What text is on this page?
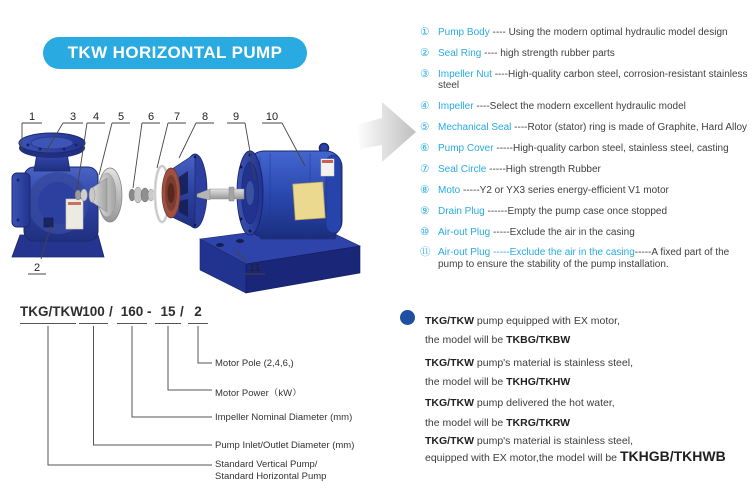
TKW HORIZONTAL PUMP
1	3 4 5 6 7 8 9 10
2	11
① Pump Body ---- Using the modern optimal hydraulic model design
② Seal Ring ---- high strength rubber parts
③ Impeller Nut ----High-quality carbon steel, corrosion-resistant stainless steel
④ Impeller ----Select the modern excellent hydraulic model
⑤ Mechanical Seal ----Rotor (stator) ring is made of Graphite, Hard Alloy
⑥ Pump Cover -----High-quality carbon steel, stainless steel, casting
⑦ Seal Circle -----High strength Rubber
⑧ Moto -----Y2 or YX3 series energy-efficient V1 motor
⑨ Drain Plug ------Empty the pump case once stopped
⑩ Air-out Plug -----Exclude the air in the casing
⑪ Air-out Plug -----Exclude the air in the casing-----A fixed part of the pump to ensure the stability of the pump installation.
TKG/TKW 100 / 160 - 15 / 2
Motor Pole (2,4,6,)
Motor Power（kW）
Impeller Nominal Diameter (mm)
Pump Inlet/Outlet Diameter (mm)
Standard Vertical Pump/
Standard Horizontal Pump
TKG/TKW pump equipped with EX motor,
the model will be TKBG/TKBW
TKG/TKW pump's material is stainless steel,
the model will be TKHG/TKHW
TKG/TKW pump delivered the hot water,
the model will be TKRG/TKRW
TKG/TKW pump's material is stainless steel,
equipped with EX motor,the model will be TKHGB/TKHWB
